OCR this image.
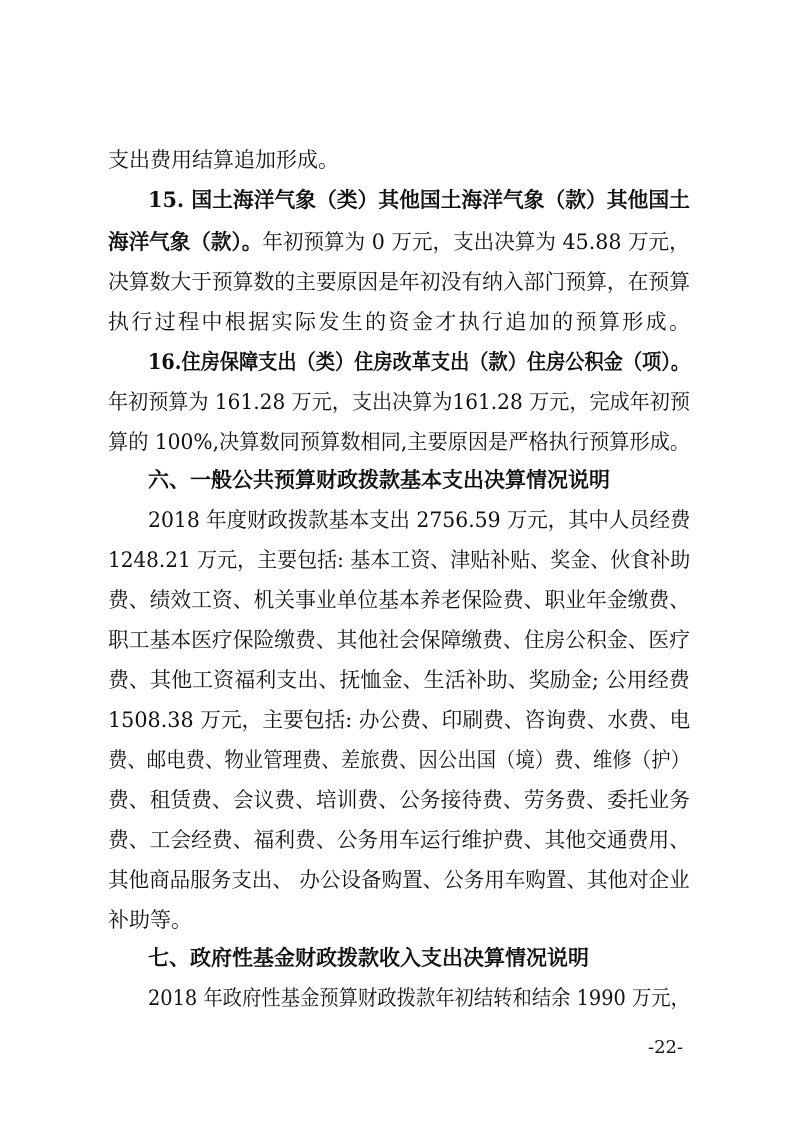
支出费用结算追加形成。
15. 国土海洋气象（类）其他国土海洋气象（款）其他国土
海洋气象（款）。年初预算为 0 万元，支出决算为 45.88 万元，
决算数大于预算数的主要原因是年初没有纳入部门预算，在预算
执行过程中根据实际发生的资金才执行追加的预算形成。
16.住房保障支出（类）住房改革支出（款）住房公积金（项）。
年初预算为 161.28 万元，支出决算为161.28 万元，完成年初预
算的 100%,决算数同预算数相同,主要原因是严格执行预算形成。
六、一般公共预算财政拨款基本支出决算情况说明
2018 年度财政拨款基本支出 2756.59 万元，其中人员经费
1248.21 万元，主要包括: 基本工资、津贴补贴、奖金、伙食补助
费、绩效工资、机关事业单位基本养老保险费、职业年金缴费、
职工基本医疗保险缴费、其他社会保障缴费、住房公积金、医疗
费、其他工资福利支出、抚恤金、生活补助、奖励金; 公用经费
1508.38 万元，主要包括: 办公费、印刷费、咨询费、水费、电
费、邮电费、物业管理费、差旅费、因公出国（境）费、维修（护）
费、租赁费、会议费、培训费、公务接待费、劳务费、委托业务
费、工会经费、福利费、公务用车运行维护费、其他交通费用、
其他商品服务支出、 办公设备购置、公务用车购置、其他对企业
补助等。
七、政府性基金财政拨款收入支出决算情况说明
2018 年政府性基金预算财政拨款年初结转和结余 1990 万元，
-22-
